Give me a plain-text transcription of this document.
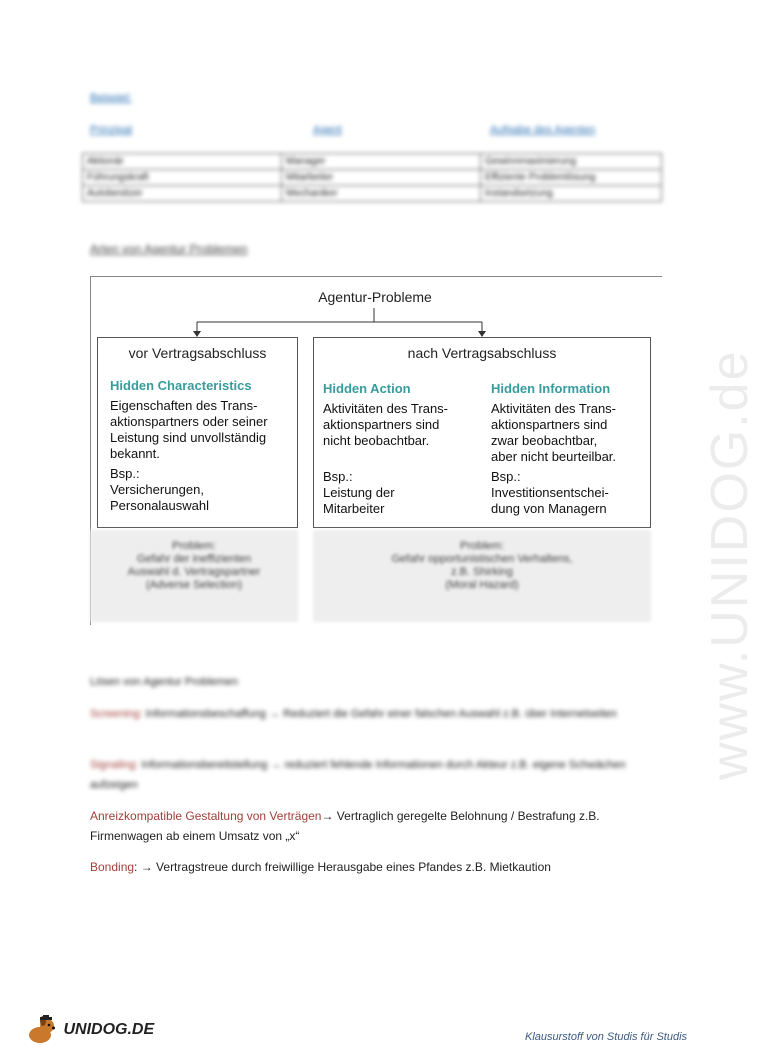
www.UNIDOG.de
Beispiel:
Prinzipal	Agent	Aufgabe des Agenten
Aktionär	Manager	Gewinnmaximierung
Führungskraft	Mitarbeiter	Effiziente Problemlösung
Autobesitzer	Mechaniker	Instandsetzung
Arten von Agentur Problemen
Agentur-Probleme
vor Vertragsabschluss	nach Vertragsabschluss
Hidden Characteristics
Eigenschaften des Trans-
aktionspartners oder seiner
Leistung sind unvollständig
bekannt.
Bsp.:
Versicherungen,
Personalauswahl
Hidden Action
Aktivitäten des Trans-
aktionspartners sind
nicht beobachtbar.
Bsp.:
Leistung der
Mitarbeiter
Hidden Information
Aktivitäten des Trans-
aktionspartners sind
zwar beobachtbar,
aber nicht beurteilbar.
Bsp.:
Investitionsentschei-
dung von Managern
Problem:
Gefahr der ineffizienten
Auswahl d. Vertragspartner
(Adverse Selection)
Problem:
Gefahr opportunistischen Verhaltens,
z.B. Shirking
(Moral Hazard)
Lösen von Agentur Problemen
Screening: Informationsbeschaffung → Reduziert die Gefahr einer falschen Auswahl z.B. über Internetseiten
Signaling: Informationsbereitstellung → reduziert fehlende Informationen durch Akteur z.B. eigene Schwächen aufzeigen
Anreizkompatible Gestaltung von Verträgen→ Vertraglich geregelte Belohnung / Bestrafung z.B. Firmenwagen ab einem Umsatz von „x“
Bonding: → Vertragstreue durch freiwillige Herausgabe eines Pfandes z.B. Mietkaution
UNIDOG.DE	Klausurstoff von Studis für Studis
